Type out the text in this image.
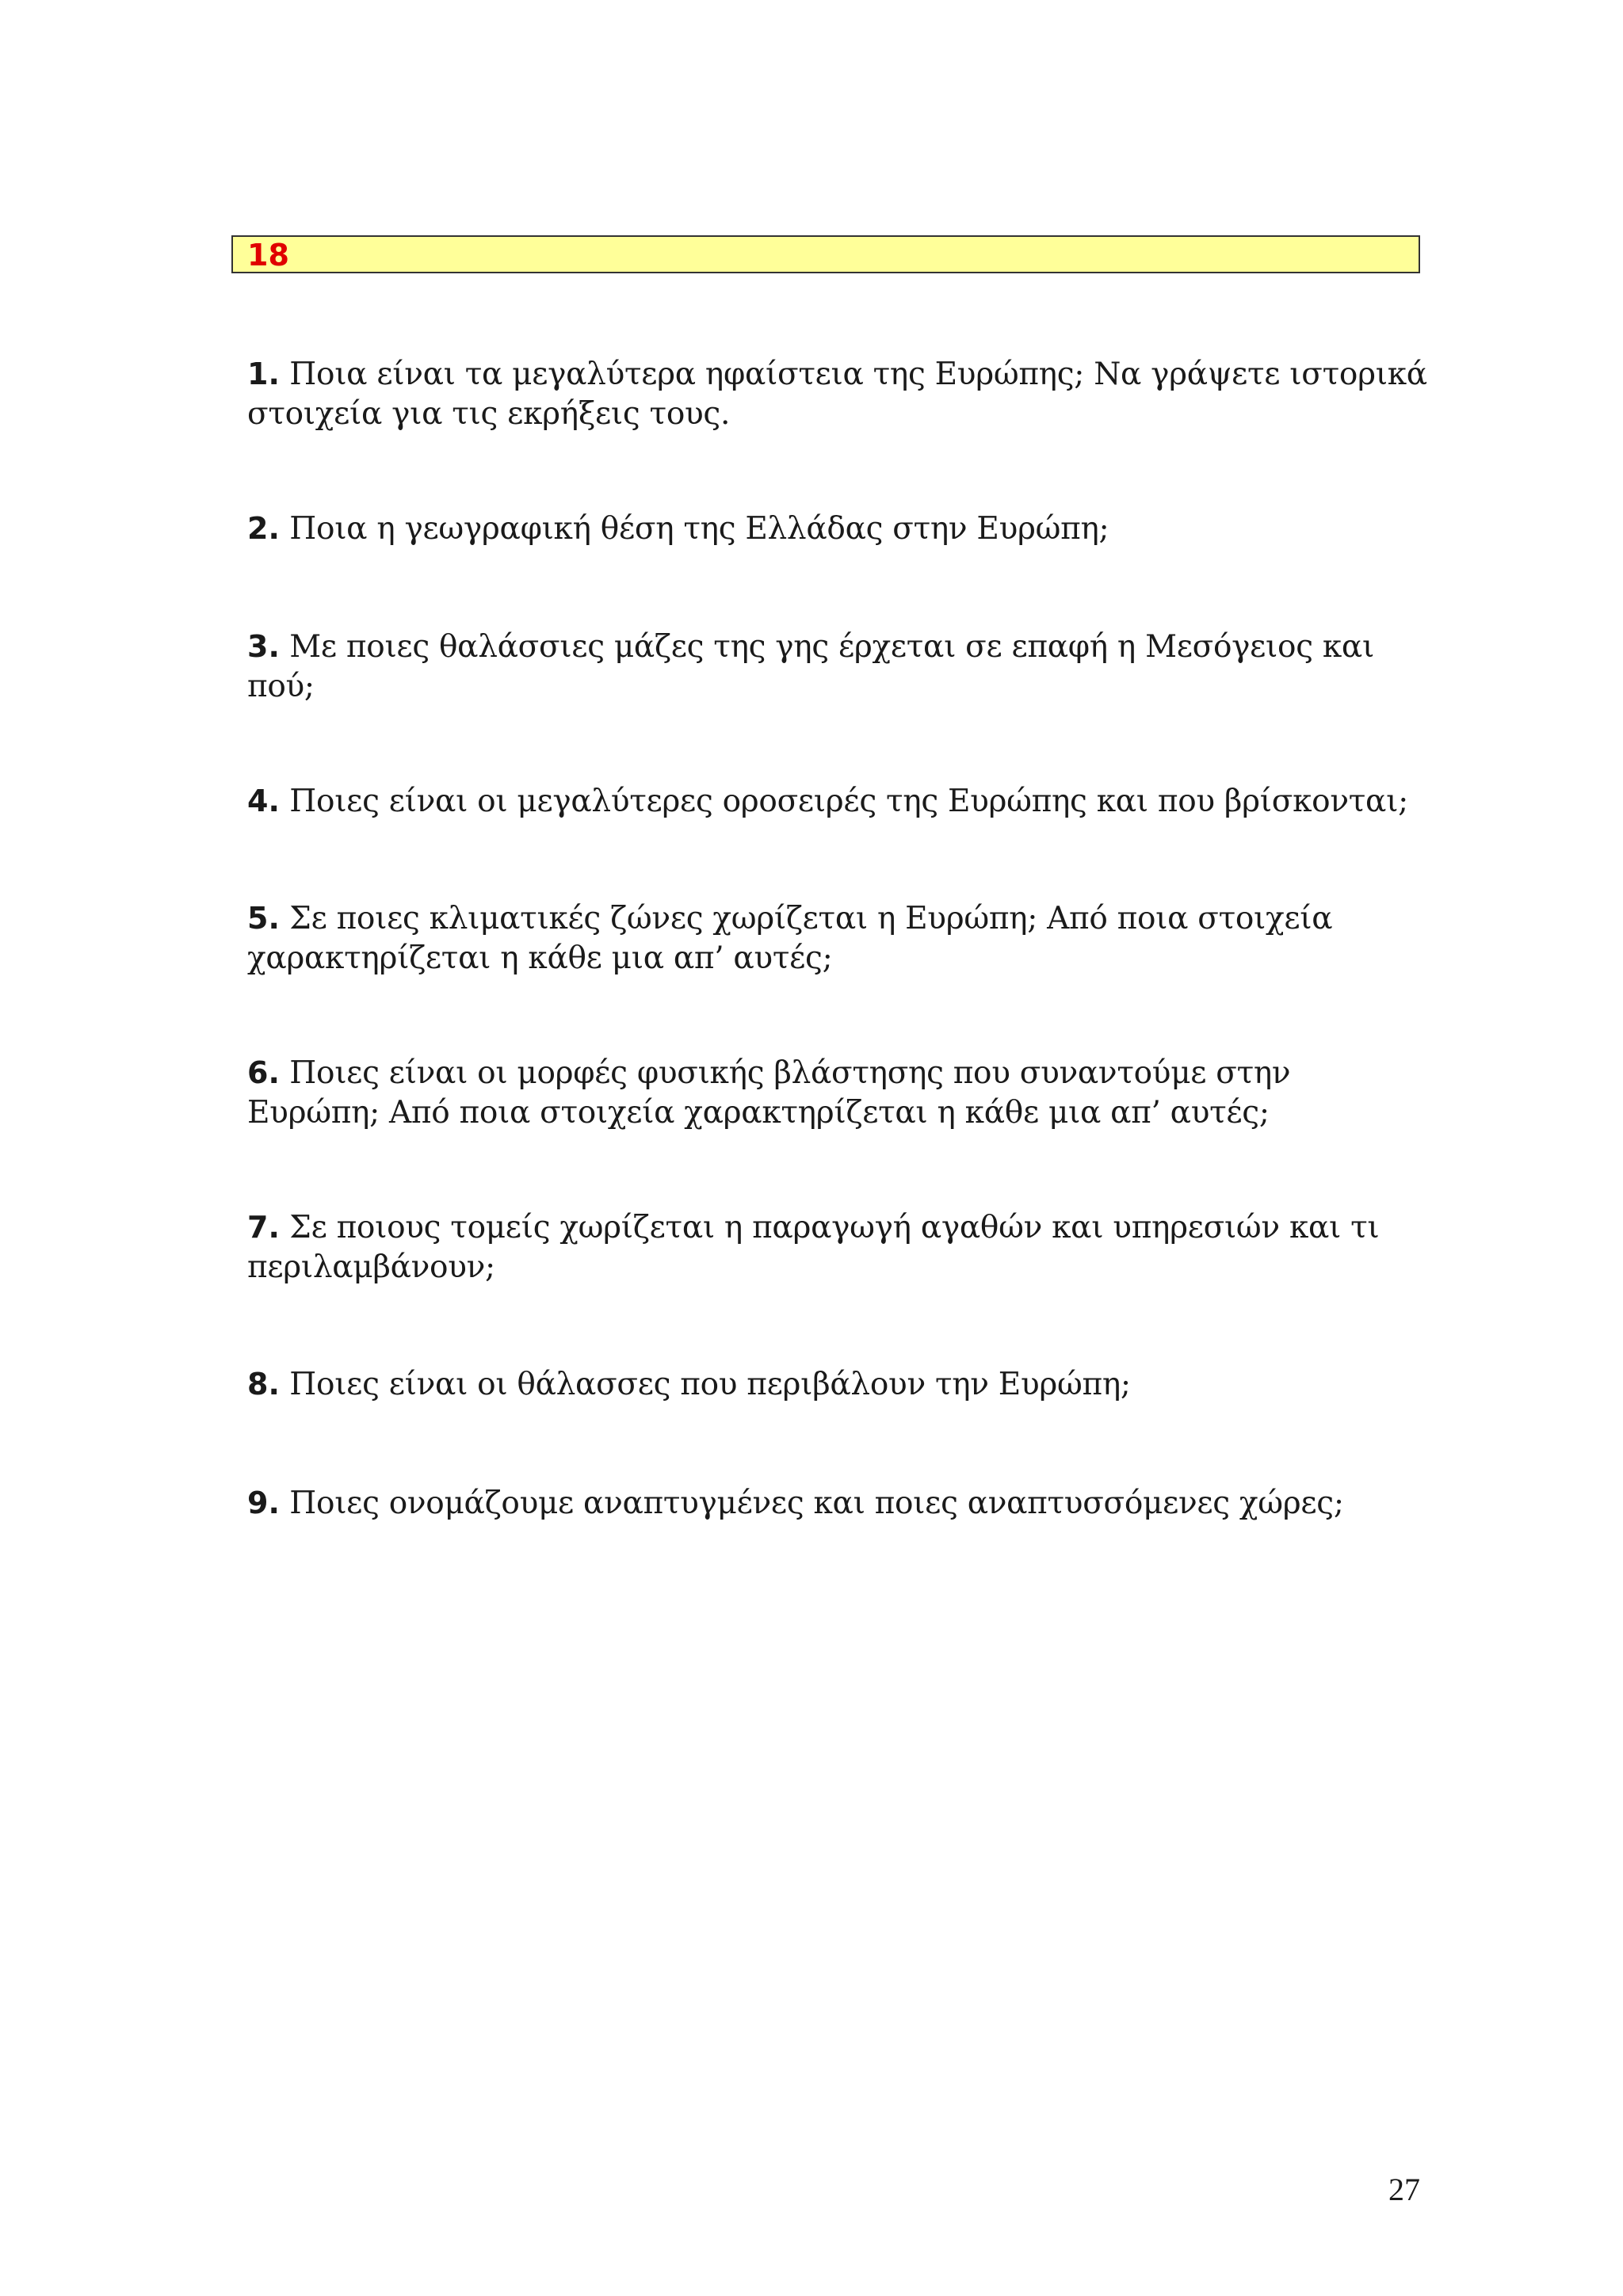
18

1. Ποια είναι τα μεγαλύτερα ηφαίστεια της Ευρώπης; Να γράψετε ιστορικά στοιχεία για τις εκρήξεις τους.

2. Ποια η γεωγραφική θέση της Ελλάδας στην Ευρώπη;

3. Με ποιες θαλάσσιες μάζες της γης έρχεται σε επαφή η Μεσόγειος και πού;

4. Ποιες είναι οι μεγαλύτερες οροσειρές της Ευρώπης και που βρίσκονται;

5. Σε ποιες κλιματικές ζώνες χωρίζεται η Ευρώπη; Από ποια στοιχεία χαρακτηρίζεται η κάθε μια απ’ αυτές;

6. Ποιες είναι οι μορφές φυσικής βλάστησης που συναντούμε στην Ευρώπη; Από ποια στοιχεία χαρακτηρίζεται η κάθε μια απ’ αυτές;

7. Σε ποιους τομείς χωρίζεται η παραγωγή αγαθών και υπηρεσιών και τι περιλαμβάνουν;

8. Ποιες είναι οι θάλασσες που περιβάλουν την Ευρώπη;

9. Ποιες ονομάζουμε αναπτυγμένες και ποιες αναπτυσσόμενες χώρες;

27
